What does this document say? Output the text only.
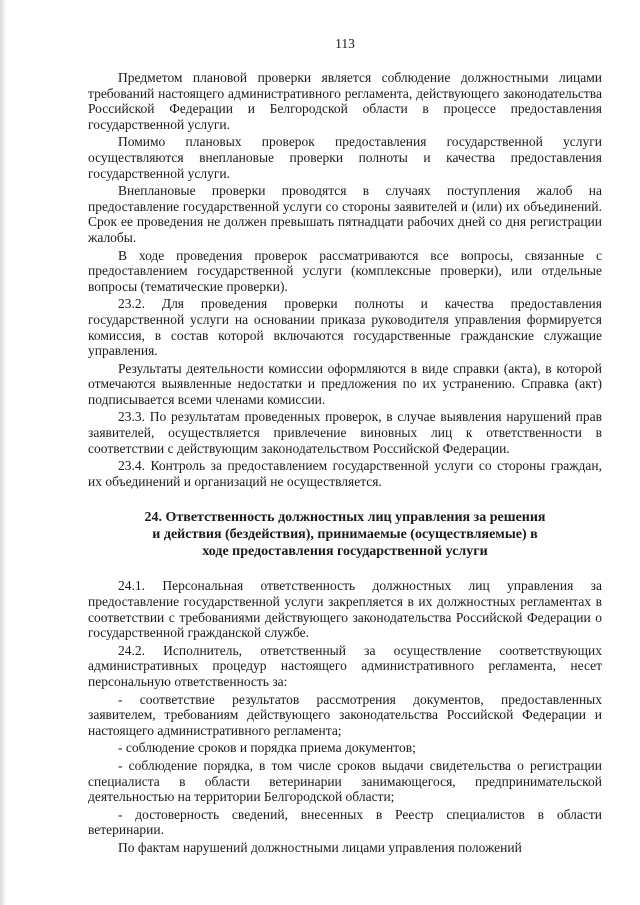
113

Предметом плановой проверки является соблюдение должностными лицами требований настоящего административного регламента, действующего законодательства Российской Федерации и Белгородской области в процессе предоставления государственной услуги.

Помимо плановых проверок предоставления государственной услуги осуществляются внеплановые проверки полноты и качества предоставления государственной услуги.

Внеплановые проверки проводятся в случаях поступления жалоб на предоставление государственной услуги со стороны заявителей и (или) их объединений. Срок ее проведения не должен превышать пятнадцати рабочих дней со дня регистрации жалобы.

В ходе проведения проверок рассматриваются все вопросы, связанные с предоставлением государственной услуги (комплексные проверки), или отдельные вопросы (тематические проверки).

23.2. Для проведения проверки полноты и качества предоставления государственной услуги на основании приказа руководителя управления формируется комиссия, в состав которой включаются государственные гражданские служащие управления.

Результаты деятельности комиссии оформляются в виде справки (акта), в которой отмечаются выявленные недостатки и предложения по их устранению. Справка (акт) подписывается всеми членами комиссии.

23.3. По результатам проведенных проверок, в случае выявления нарушений прав заявителей, осуществляется привлечение виновных лиц к ответственности в соответствии с действующим законодательством Российской Федерации.

23.4. Контроль за предоставлением государственной услуги со стороны граждан, их объединений и организаций не осуществляется.

24. Ответственность должностных лиц управления за решения
и действия (бездействия), принимаемые (осуществляемые) в
ходе предоставления государственной услуги

24.1. Персональная ответственность должностных лиц управления за предоставление государственной услуги закрепляется в их должностных регламентах в соответствии с требованиями действующего законодательства Российской Федерации о государственной гражданской службе.

24.2. Исполнитель, ответственный за осуществление соответствующих административных процедур настоящего административного регламента, несет персональную ответственность за:

- соответствие результатов рассмотрения документов, предоставленных заявителем, требованиям действующего законодательства Российской Федерации и настоящего административного регламента;

- соблюдение сроков и порядка приема документов;

- соблюдение порядка, в том числе сроков выдачи свидетельства о регистрации специалиста в области ветеринарии занимающегося, предпринимательской деятельностью на территории Белгородской области;

- достоверность сведений, внесенных в Реестр специалистов в области ветеринарии.

По фактам нарушений должностными лицами управления положений
